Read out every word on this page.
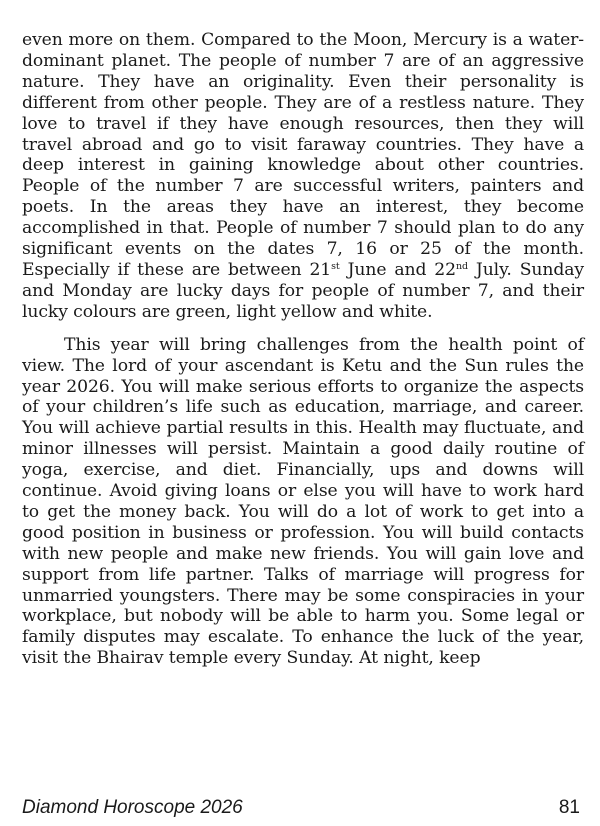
even more on them. Compared to the Moon, Mercury is a water-dominant planet. The people of number 7 are of an aggressive nature. They have an originality. Even their personality is different from other people. They are of a restless nature. They love to travel if they have enough resources, then they will travel abroad and go to visit faraway countries. They have a deep interest in gaining knowledge about other countries. People of the number 7 are successful writers, painters and poets. In the areas they have an interest, they become accomplished in that. People of number 7 should plan to do any significant events on the dates 7, 16 or 25 of the month. Especially if these are between 21st June and 22nd July. Sunday and Monday are lucky days for people of number 7, and their lucky colours are green, light yellow and white.

This year will bring challenges from the health point of view. The lord of your ascendant is Ketu and the Sun rules the year 2026. You will make serious efforts to organize the aspects of your children’s life such as education, marriage, and career. You will achieve partial results in this. Health may fluctuate, and minor illnesses will persist. Maintain a good daily routine of yoga, exercise, and diet. Financially, ups and downs will continue. Avoid giving loans or else you will have to work hard to get the money back. You will do a lot of work to get into a good position in business or profession. You will build contacts with new people and make new friends. You will gain love and support from life partner. Talks of marriage will progress for unmarried youngsters. There may be some conspiracies in your workplace, but nobody will be able to harm you. Some legal or family disputes may escalate. To enhance the luck of the year, visit the Bhairav temple every Sunday. At night, keep

Diamond Horoscope 2026	81
